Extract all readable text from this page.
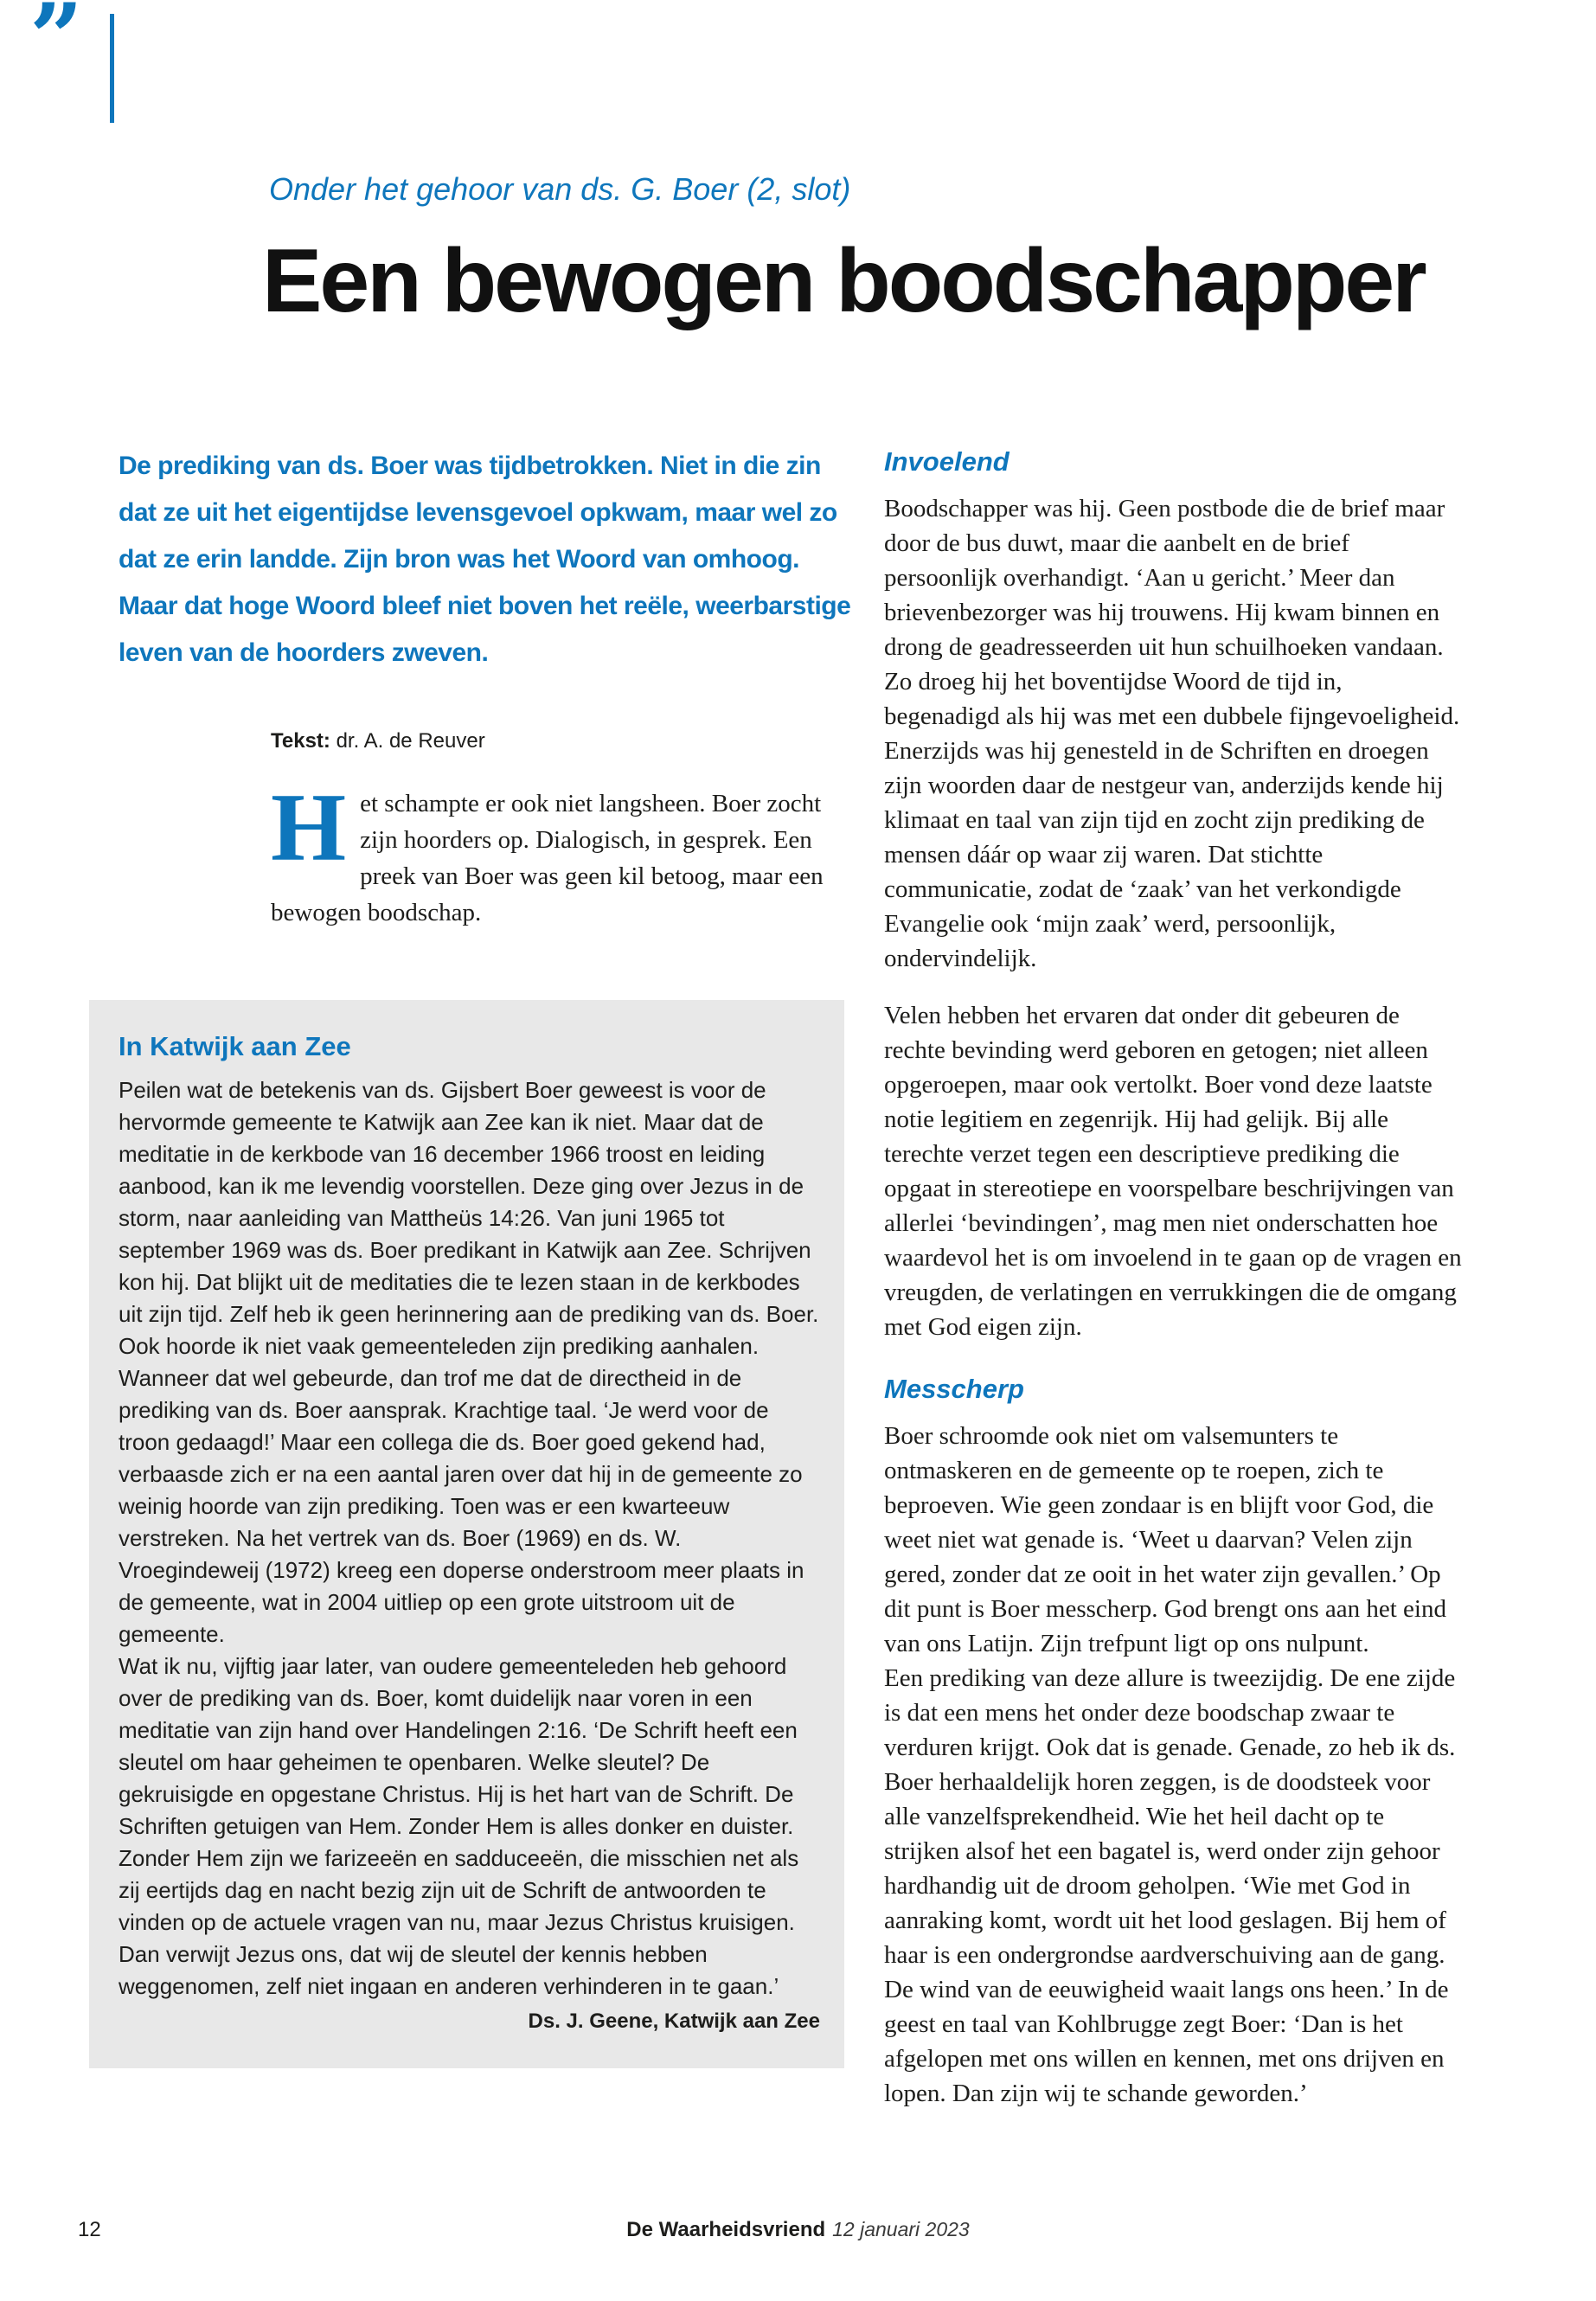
”
Onder het gehoor van ds. G. Boer (2, slot)
Een bewogen boodschapper

De prediking van ds. Boer was tijdbetrokken. Niet in die zin dat ze uit het eigentijdse levensgevoel opkwam, maar wel zo dat ze erin landde. Zijn bron was het Woord van omhoog. Maar dat hoge Woord bleef niet boven het reële, weerbarstige leven van de hoorders zweven.

Tekst: dr. A. de Reuver

Het schampte er ook niet langsheen. Boer zocht zijn hoorders op. Dialogisch, in gesprek. Een preek van Boer was geen kil betoog, maar een bewogen boodschap.

In Katwijk aan Zee

Peilen wat de betekenis van ds. Gijsbert Boer geweest is voor de hervormde gemeente te Katwijk aan Zee kan ik niet. Maar dat de meditatie in de kerkbode van 16 december 1966 troost en leiding aanbood, kan ik me levendig voorstellen. Deze ging over Jezus in de storm, naar aanleiding van Mattheüs 14:26. Van juni 1965 tot september 1969 was ds. Boer predikant in Katwijk aan Zee. Schrijven kon hij. Dat blijkt uit de meditaties die te lezen staan in de kerkbodes uit zijn tijd. Zelf heb ik geen herinnering aan de prediking van ds. Boer. Ook hoorde ik niet vaak gemeenteleden zijn prediking aanhalen. Wanneer dat wel gebeurde, dan trof me dat de directheid in de prediking van ds. Boer aansprak. Krachtige taal. ‘Je werd voor de troon gedaagd!’ Maar een collega die ds. Boer goed gekend had, verbaasde zich er na een aantal jaren over dat hij in de gemeente zo weinig hoorde van zijn prediking. Toen was er een kwarteeuw verstreken. Na het vertrek van ds. Boer (1969) en ds. W. Vroegindeweij (1972) kreeg een doperse onderstroom meer plaats in de gemeente, wat in 2004 uitliep op een grote uitstroom uit de gemeente.

Wat ik nu, vijftig jaar later, van oudere gemeenteleden heb gehoord over de prediking van ds. Boer, komt duidelijk naar voren in een meditatie van zijn hand over Handelingen 2:16. ‘De Schrift heeft een sleutel om haar geheimen te openbaren. Welke sleutel? De gekruisigde en opgestane Christus. Hij is het hart van de Schrift. De Schriften getuigen van Hem. Zonder Hem is alles donker en duister. Zonder Hem zijn we farizeeën en sadduceeën, die misschien net als zij eertijds dag en nacht bezig zijn uit de Schrift de antwoorden te vinden op de actuele vragen van nu, maar Jezus Christus kruisigen. Dan verwijt Jezus ons, dat wij de sleutel der kennis hebben weggenomen, zelf niet ingaan en anderen verhinderen in te gaan.’

Ds. J. Geene, Katwijk aan Zee

Invoelend

Boodschapper was hij. Geen postbode die de brief maar door de bus duwt, maar die aanbelt en de brief persoonlijk overhandigt. ‘Aan u gericht.’ Meer dan brievenbezorger was hij trouwens. Hij kwam binnen en drong de geadresseerden uit hun schuilhoeken vandaan. Zo droeg hij het boventijdse Woord de tijd in, begenadigd als hij was met een dubbele fijngevoeligheid. Enerzijds was hij genesteld in de Schriften en droegen zijn woorden daar de nestgeur van, anderzijds kende hij klimaat en taal van zijn tijd en zocht zijn prediking de mensen dáár op waar zij waren. Dat stichtte communicatie, zodat de ‘zaak’ van het verkondigde Evangelie ook ‘mijn zaak’ werd, persoonlijk, ondervindelijk.

Velen hebben het ervaren dat onder dit gebeuren de rechte bevinding werd geboren en getogen; niet alleen opgeroepen, maar ook vertolkt. Boer vond deze laatste notie legitiem en zegenrijk. Hij had gelijk. Bij alle terechte verzet tegen een descriptieve prediking die opgaat in stereotiepe en voorspelbare beschrijvingen van allerlei ‘bevindingen’, mag men niet onderschatten hoe waardevol het is om invoelend in te gaan op de vragen en vreugden, de verlatingen en verrukkingen die de omgang met God eigen zijn.

Messcherp

Boer schroomde ook niet om valsemunters te ontmaskeren en de gemeente op te roepen, zich te beproeven. Wie geen zondaar is en blijft voor God, die weet niet wat genade is. ‘Weet u daarvan? Velen zijn gered, zonder dat ze ooit in het water zijn gevallen.’ Op dit punt is Boer messcherp. God brengt ons aan het eind van ons Latijn. Zijn trefpunt ligt op ons nulpunt.

Een prediking van deze allure is tweezijdig. De ene zijde is dat een mens het onder deze boodschap zwaar te verduren krijgt. Ook dat is genade. Genade, zo heb ik ds. Boer herhaaldelijk horen zeggen, is de doodsteek voor alle vanzelfsprekendheid. Wie het heil dacht op te strijken alsof het een bagatel is, werd onder zijn gehoor hardhandig uit de droom geholpen. ‘Wie met God in aanraking komt, wordt uit het lood geslagen. Bij hem of haar is een ondergrondse aardverschuiving aan de gang. De wind van de eeuwigheid waait langs ons heen.’ In de geest en taal van Kohlbrugge zegt Boer: ‘Dan is het afgelopen met ons willen en kennen, met ons drijven en lopen. Dan zijn wij te schande geworden.’

12	De Waarheidsvriend 12 januari 2023
